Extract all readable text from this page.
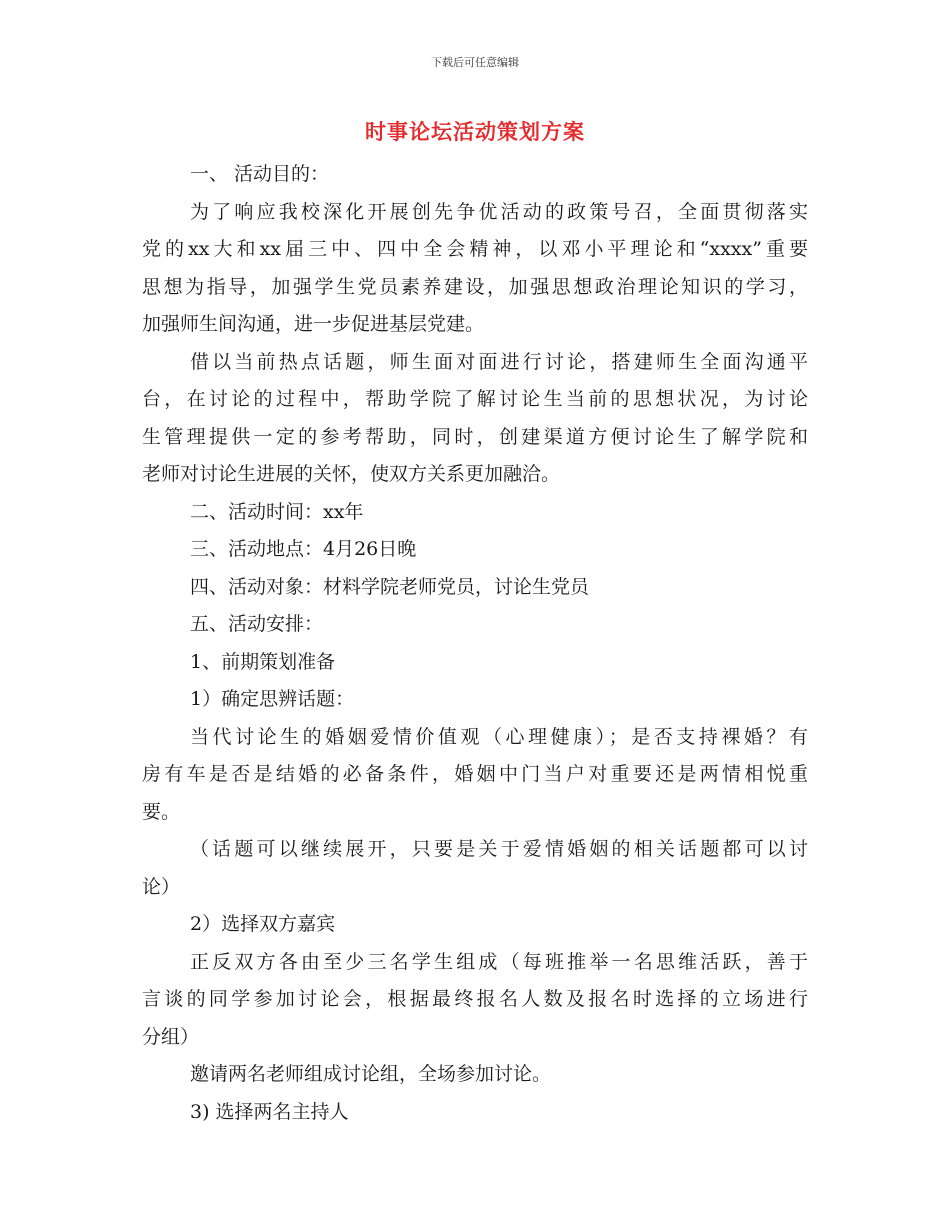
下载后可任意编辑
时事论坛活动策划方案
一、 活动目的：
为了响应我校深化开展创先争优活动的政策号召，全面贯彻落实
党的xx大和xx届三中、四中全会精神，以邓小平理论和“xxxx”重要
思想为指导，加强学生党员素养建设，加强思想政治理论知识的学习，
加强师生间沟通，进一步促进基层党建。
借以当前热点话题，师生面对面进行讨论，搭建师生全面沟通平
台，在讨论的过程中，帮助学院了解讨论生当前的思想状况，为讨论
生管理提供一定的参考帮助，同时，创建渠道方便讨论生了解学院和
老师对讨论生进展的关怀，使双方关系更加融洽。
二、活动时间：xx年
三、活动地点：4月26日晚
四、活动对象：材料学院老师党员，讨论生党员
五、活动安排：
1、前期策划准备
1）确定思辨话题：
当代讨论生的婚姻爱情价值观（心理健康）；是否支持裸婚？有
房有车是否是结婚的必备条件，婚姻中门当户对重要还是两情相悦重
要。
（话题可以继续展开，只要是关于爱情婚姻的相关话题都可以讨
论）
2）选择双方嘉宾
正反双方各由至少三名学生组成（每班推举一名思维活跃，善于
言谈的同学参加讨论会，根据最终报名人数及报名时选择的立场进行
分组）
邀请两名老师组成讨论组，全场参加讨论。
3) 选择两名主持人
